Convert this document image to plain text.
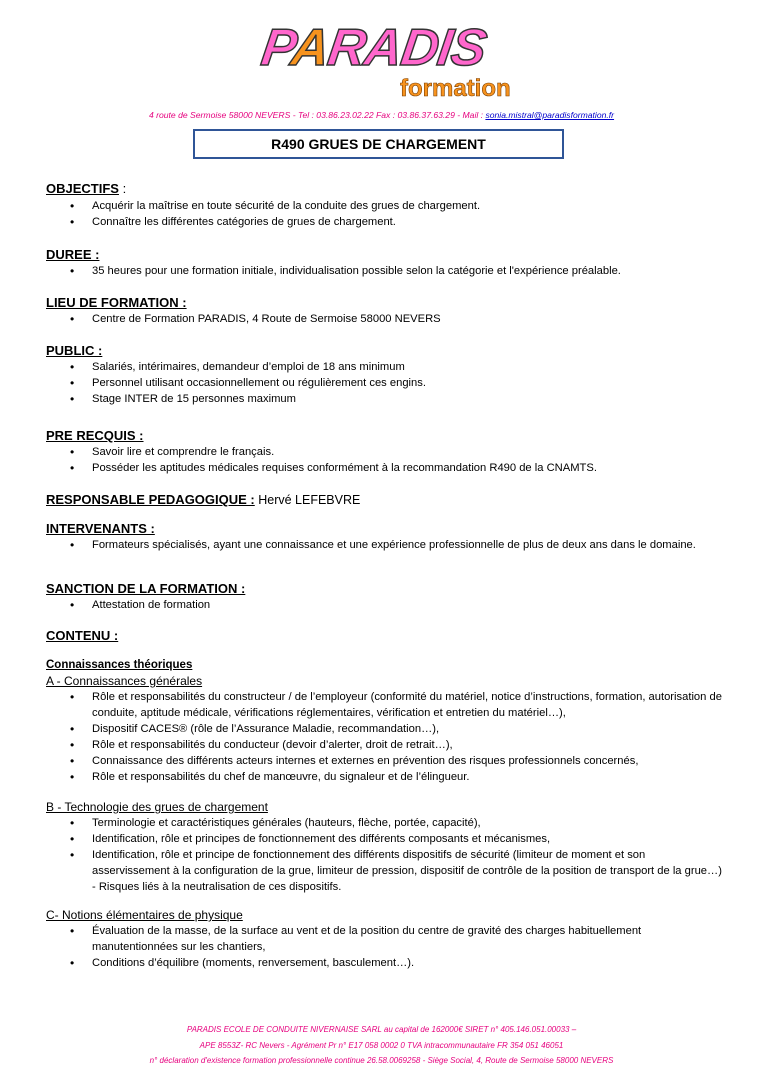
PARADIS
formation
4 route de Sermoise 58000 NEVERS - Tel : 03.86.23.02.22 Fax : 03.86.37.63.29 - Mail : sonia.mistral@paradisformation.fr
R490 GRUES DE CHARGEMENT
OBJECTIFS :
• Acquérir la maîtrise en toute sécurité de la conduite des grues de chargement.
• Connaître les différentes catégories de grues de chargement.
DUREE :
• 35 heures pour une formation initiale, individualisation possible selon la catégorie et l'expérience préalable.
LIEU DE FORMATION :
• Centre de Formation PARADIS, 4 Route de Sermoise 58000 NEVERS
PUBLIC :
• Salariés, intérimaires, demandeur d’emploi de 18 ans minimum
• Personnel utilisant occasionnellement ou régulièrement ces engins.
• Stage INTER de 15 personnes maximum
PRE RECQUIS :
• Savoir lire et comprendre le français.
• Posséder les aptitudes médicales requises conformément à la recommandation R490 de la CNAMTS.
RESPONSABLE PEDAGOGIQUE : Hervé LEFEBVRE
INTERVENANTS :
• Formateurs spécialisés, ayant une connaissance et une expérience professionnelle de plus de deux ans dans le domaine.
SANCTION DE LA FORMATION :
• Attestation de formation
CONTENU :
Connaissances théoriques
A - Connaissances générales
• Rôle et responsabilités du constructeur / de l’employeur (conformité du matériel, notice d’instructions, formation, autorisation de conduite, aptitude médicale, vérifications réglementaires, vérification et entretien du matériel…),
• Dispositif CACES® (rôle de l’Assurance Maladie, recommandation…),
• Rôle et responsabilités du conducteur (devoir d’alerter, droit de retrait…),
• Connaissance des différents acteurs internes et externes en prévention des risques professionnels concernés,
• Rôle et responsabilités du chef de manœuvre, du signaleur et de l’élingueur.
B - Technologie des grues de chargement
• Terminologie et caractéristiques générales (hauteurs, flèche, portée, capacité),
• Identification, rôle et principes de fonctionnement des différents composants et mécanismes,
• Identification, rôle et principe de fonctionnement des différents dispositifs de sécurité (limiteur de moment et son asservissement à la configuration de la grue, limiteur de pression, dispositif de contrôle de la position de transport de la grue…) - Risques liés à la neutralisation de ces dispositifs.
C- Notions élémentaires de physique
• Évaluation de la masse, de la surface au vent et de la position du centre de gravité des charges habituellement manutentionnées sur les chantiers,
• Conditions d’équilibre (moments, renversement, basculement…).
PARADIS ECOLE DE CONDUITE NIVERNAISE SARL au capital de 162000€ SIRET n° 405.146.051.00033 –
APE 8553Z- RC Nevers - Agrément Pr n° E17 058 0002 0 TVA intracommunautaire FR 354 051 46051
n° déclaration d'existence formation professionnelle continue 26.58.0069258 - Siège Social, 4, Route de Sermoise 58000 NEVERS
